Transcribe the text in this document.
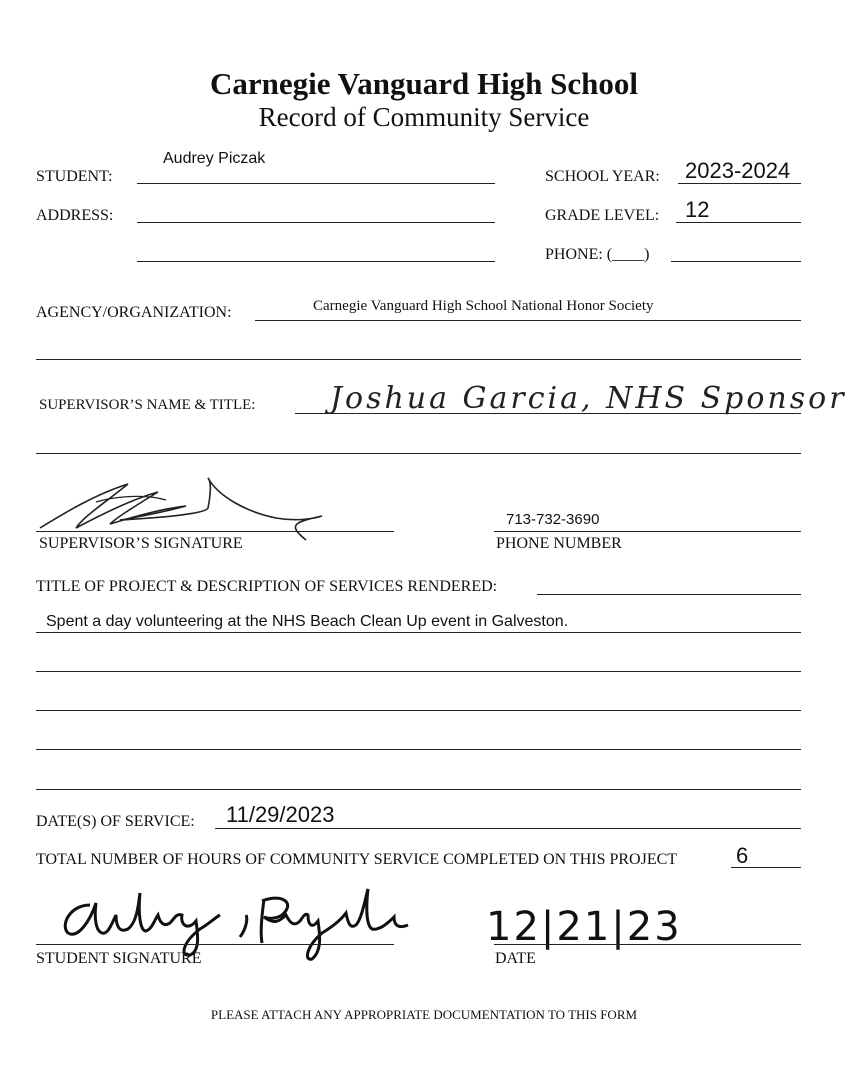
Carnegie Vanguard High School
Record of Community Service
STUDENT:
Audrey Piczak
SCHOOL YEAR: 2023-2024
ADDRESS:	GRADE LEVEL: 12
PHONE: (____)
AGENCY/ORGANIZATION:	Carnegie Vanguard High School National Honor Society
SUPERVISOR’S NAME & TITLE: Joshua Garcia, NHS Sponsor
SUPERVISOR’S SIGNATURE
713-732-3690
PHONE NUMBER
TITLE OF PROJECT & DESCRIPTION OF SERVICES RENDERED:
Spent a day volunteering at the NHS Beach Clean Up event in Galveston.
DATE(S) OF SERVICE: 11/29/2023
TOTAL NUMBER OF HOURS OF COMMUNITY SERVICE COMPLETED ON THIS PROJECT	6
STUDENT SIGNATURE
12|21|23
DATE
PLEASE ATTACH ANY APPROPRIATE DOCUMENTATION TO THIS FORM
